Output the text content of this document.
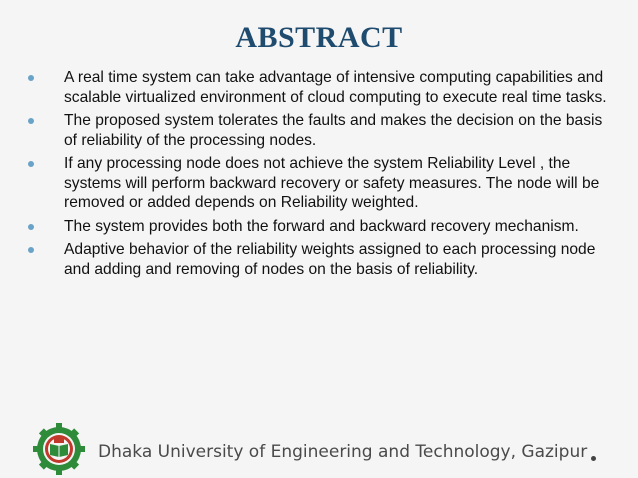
ABSTRACT
A real time system can take advantage of intensive computing capabilities and scalable virtualized environment of cloud computing to execute real time tasks.
The proposed system tolerates the faults and makes the decision on the basis of reliability of the processing nodes.
If any processing node does not achieve the system Reliability Level , the systems will perform backward recovery or safety measures. The node will be removed or added depends on Reliability weighted.
The system provides both the forward and backward recovery mechanism.
Adaptive behavior of the reliability weights assigned to each processing node and adding and removing of nodes on the basis of reliability.
Dhaka University of Engineering and Technology, Gazipur
